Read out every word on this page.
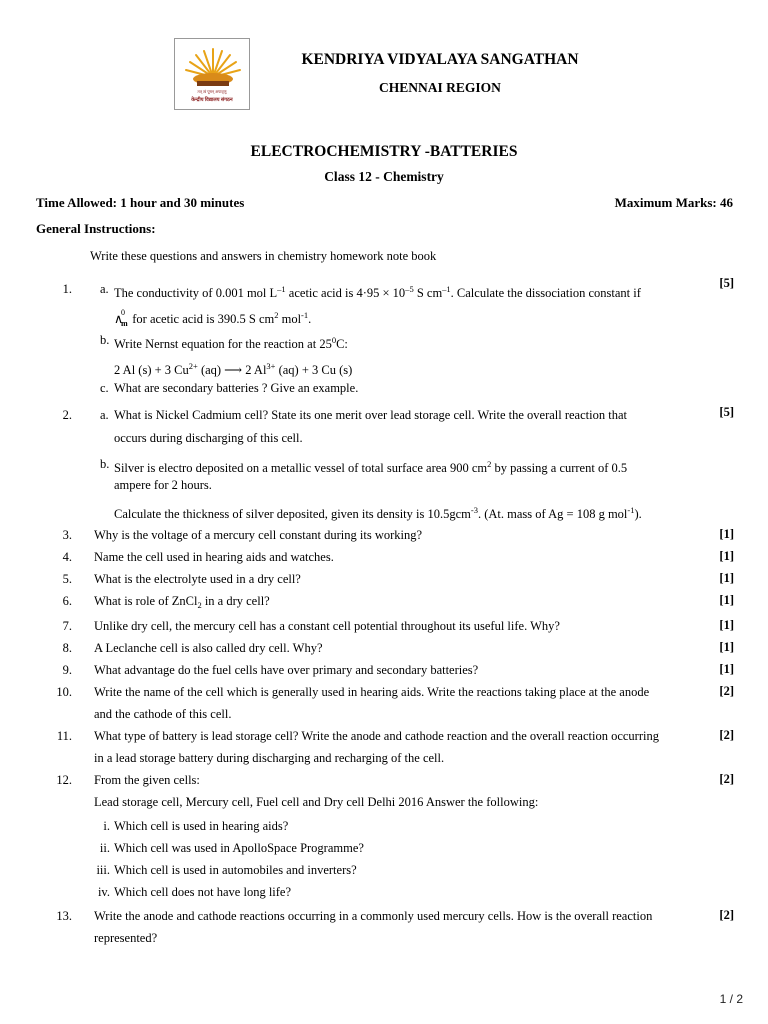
तत् त्वं पूषन् अपावृणु
केन्द्रीय विद्यालय संगठन
KENDRIYA VIDYALAYA SANGATHAN
CHENNAI REGION
ELECTROCHEMISTRY -BATTERIES
Class 12 - Chemistry
Time Allowed: 1 hour and 30 minutes	Maximum Marks: 46
General Instructions:
Write these questions and answers in chemistry homework note book
1.	[5]
a. The conductivity of 0.001 mol $L^{-1}$ acetic acid is $4\cdot 95 \times 10^{-5}$ S $cm^{-1}$. Calculate the dissociation constant if
∧
0
m for acetic acid is 390.5 S $cm^2$ mol$^{-1}$.
b. Write Nernst equation for the reaction at $25^0C$:
2 Al (s) + 3 $Cu^{2+}$ (aq) ⟶ 2 $Al^{3+}$ (aq) + 3 Cu (s)
c. What are secondary batteries ? Give an example.
2.	[5]
a. What is Nickel Cadmium cell? State its one merit over lead storage cell. Write the overall reaction that
occurs during discharging of this cell.
b. Silver is electro deposited on a metallic vessel of total surface area 900 $cm^2$ by passing a current of 0.5
ampere for 2 hours.
Calculate the thickness of silver deposited, given its density is 10.5gcm$^{-3}$. (At. mass of Ag = 108 g mol$^{-1}$).
3. Why is the voltage of a mercury cell constant during its working?	[1]
4. Name the cell used in hearing aids and watches.	[1]
5. What is the electrolyte used in a dry cell?	[1]
6. What is role of ZnCl$_2$ in a dry cell?	[1]
7. Unlike dry cell, the mercury cell has a constant cell potential throughout its useful life. Why?	[1]
8. A Leclanche cell is also called dry cell. Why?	[1]
9. What advantage do the fuel cells have over primary and secondary batteries?	[1]
10. Write the name of the cell which is generally used in hearing aids. Write the reactions taking place at the anode
and the cathode of this cell.
[2]
11. What type of battery is lead storage cell? Write the anode and cathode reaction and the overall reaction occurring
in a lead storage battery during discharging and recharging of the cell.
[2]
12. From the given cells:
Lead storage cell, Mercury cell, Fuel cell and Dry cell Delhi 2016 Answer the following:
[2]
i. Which cell is used in hearing aids?
ii. Which cell was used in ApolloSpace Programme?
iii. Which cell is used in automobiles and inverters?
iv. Which cell does not have long life?
13. Write the anode and cathode reactions occurring in a commonly used mercury cells. How is the overall reaction
represented?
[2]
1 / 2
